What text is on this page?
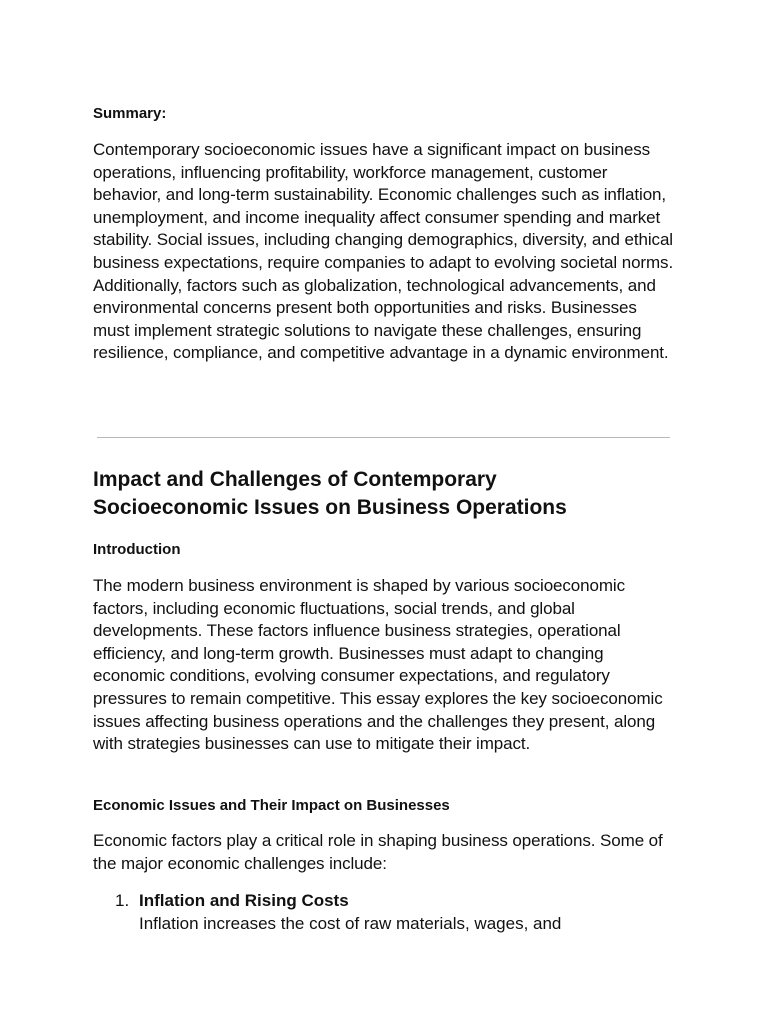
Summary:

Contemporary socioeconomic issues have a significant impact on business operations, influencing profitability, workforce management, customer behavior, and long-term sustainability. Economic challenges such as inflation, unemployment, and income inequality affect consumer spending and market stability. Social issues, including changing demographics, diversity, and ethical business expectations, require companies to adapt to evolving societal norms. Additionally, factors such as globalization, technological advancements, and environmental concerns present both opportunities and risks. Businesses must implement strategic solutions to navigate these challenges, ensuring resilience, compliance, and competitive advantage in a dynamic environment.

Impact and Challenges of Contemporary Socioeconomic Issues on Business Operations
Introduction

The modern business environment is shaped by various socioeconomic factors, including economic fluctuations, social trends, and global developments. These factors influence business strategies, operational efficiency, and long-term growth. Businesses must adapt to changing economic conditions, evolving consumer expectations, and regulatory pressures to remain competitive. This essay explores the key socioeconomic issues affecting business operations and the challenges they present, along with strategies businesses can use to mitigate their impact.

Economic Issues and Their Impact on Businesses

Economic factors play a critical role in shaping business operations. Some of the major economic challenges include:

1. Inflation and Rising Costs
Inflation increases the cost of raw materials, wages, and
